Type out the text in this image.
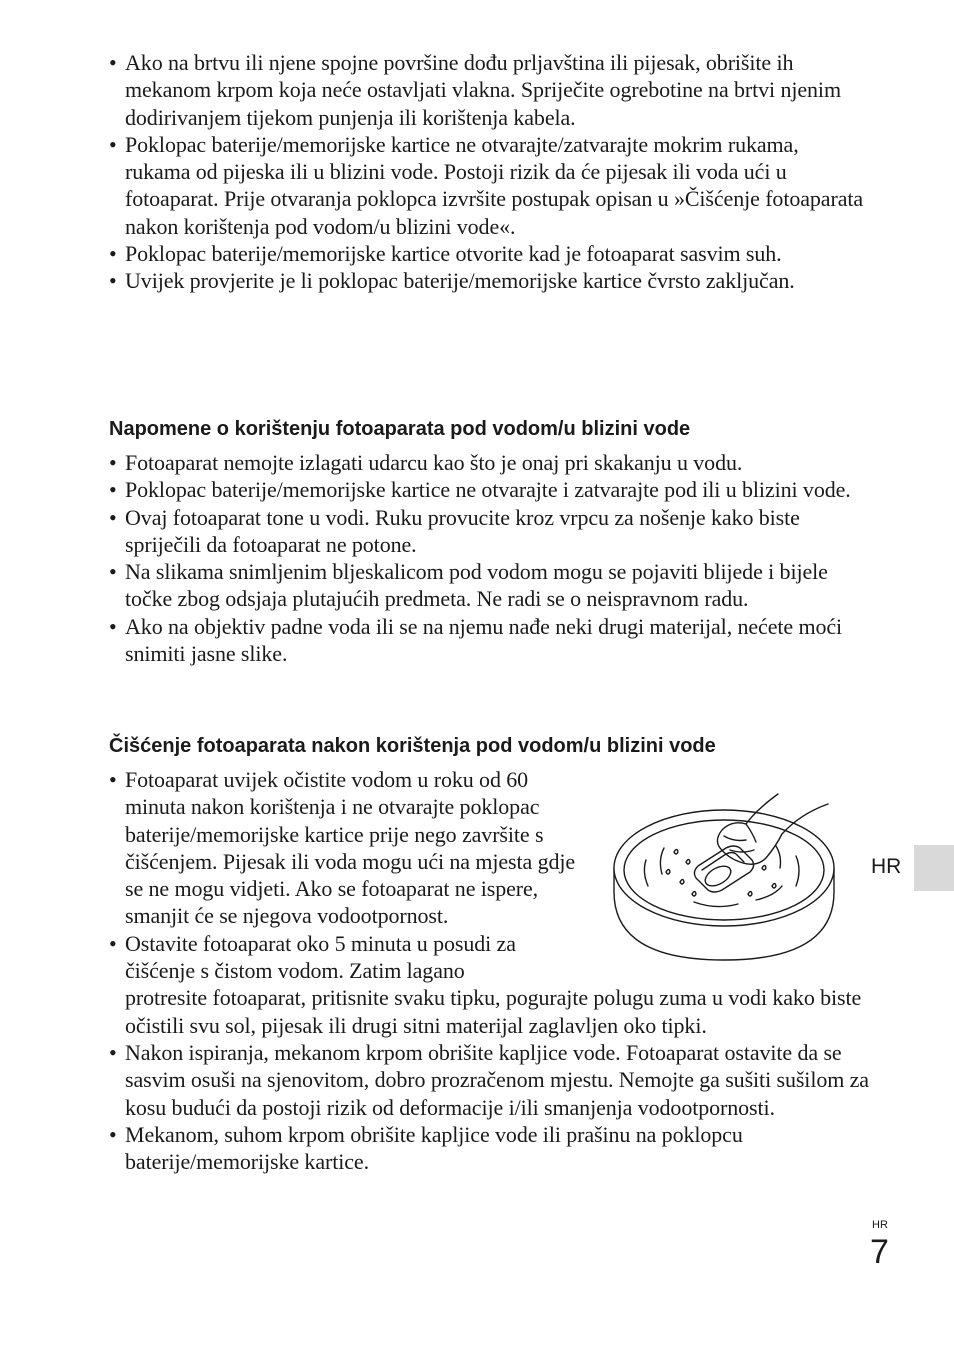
• Ako na brtvu ili njene spojne površine dođu prljavština ili pijesak, obrišite ih mekanom krpom koja neće ostavljati vlakna. Spriječite ogrebotine na brtvi njenim dodirivanjem tijekom punjenja ili korištenja kabela.
• Poklopac baterije/memorijske kartice ne otvarajte/zatvarajte mokrim rukama, rukama od pijeska ili u blizini vode. Postoji rizik da će pijesak ili voda ući u fotoaparat. Prije otvaranja poklopca izvršite postupak opisan u »Čišćenje fotoaparata nakon korištenja pod vodom/u blizini vode«.
• Poklopac baterije/memorijske kartice otvorite kad je fotoaparat sasvim suh.
• Uvijek provjerite je li poklopac baterije/memorijske kartice čvrsto zaključan.
Napomene o korištenju fotoaparata pod vodom/u blizini vode
• Fotoaparat nemojte izlagati udarcu kao što je onaj pri skakanju u vodu.
• Poklopac baterije/memorijske kartice ne otvarajte i zatvarajte pod ili u blizini vode.
• Ovaj fotoaparat tone u vodi. Ruku provucite kroz vrpcu za nošenje kako biste spriječili da fotoaparat ne potone.
• Na slikama snimljenim bljeskalicom pod vodom mogu se pojaviti blijede i bijele točke zbog odsjaja plutajućih predmeta. Ne radi se o neispravnom radu.
• Ako na objektiv padne voda ili se na njemu nađe neki drugi materijal, nećete moći snimiti jasne slike.
Čišćenje fotoaparata nakon korištenja pod vodom/u blizini vode
• Fotoaparat uvijek očistite vodom u roku od 60 minuta nakon korištenja i ne otvarajte poklopac baterije/memorijske kartice prije nego završite s čišćenjem. Pijesak ili voda mogu ući na mjesta gdje se ne mogu vidjeti. Ako se fotoaparat ne ispere, smanjit će se njegova vodootpornost.
• Ostavite fotoaparat oko 5 minuta u posudi za čišćenje s čistom vodom. Zatim lagano
protresite fotoaparat, pritisnite svaku tipku, pogurajte polugu zuma u vodi kako biste očistili svu sol, pijesak ili drugi sitni materijal zaglavljen oko tipki.
• Nakon ispiranja, mekanom krpom obrišite kapljice vode. Fotoaparat ostavite da se sasvim osuši na sjenovitom, dobro prozračenom mjestu. Nemojte ga sušiti sušilom za kosu budući da postoji rizik od deformacije i/ili smanjenja vodootpornosti.
• Mekanom, suhom krpom obrišite kapljice vode ili prašinu na poklopcu baterije/memorijske kartice.
HR
HR
7
